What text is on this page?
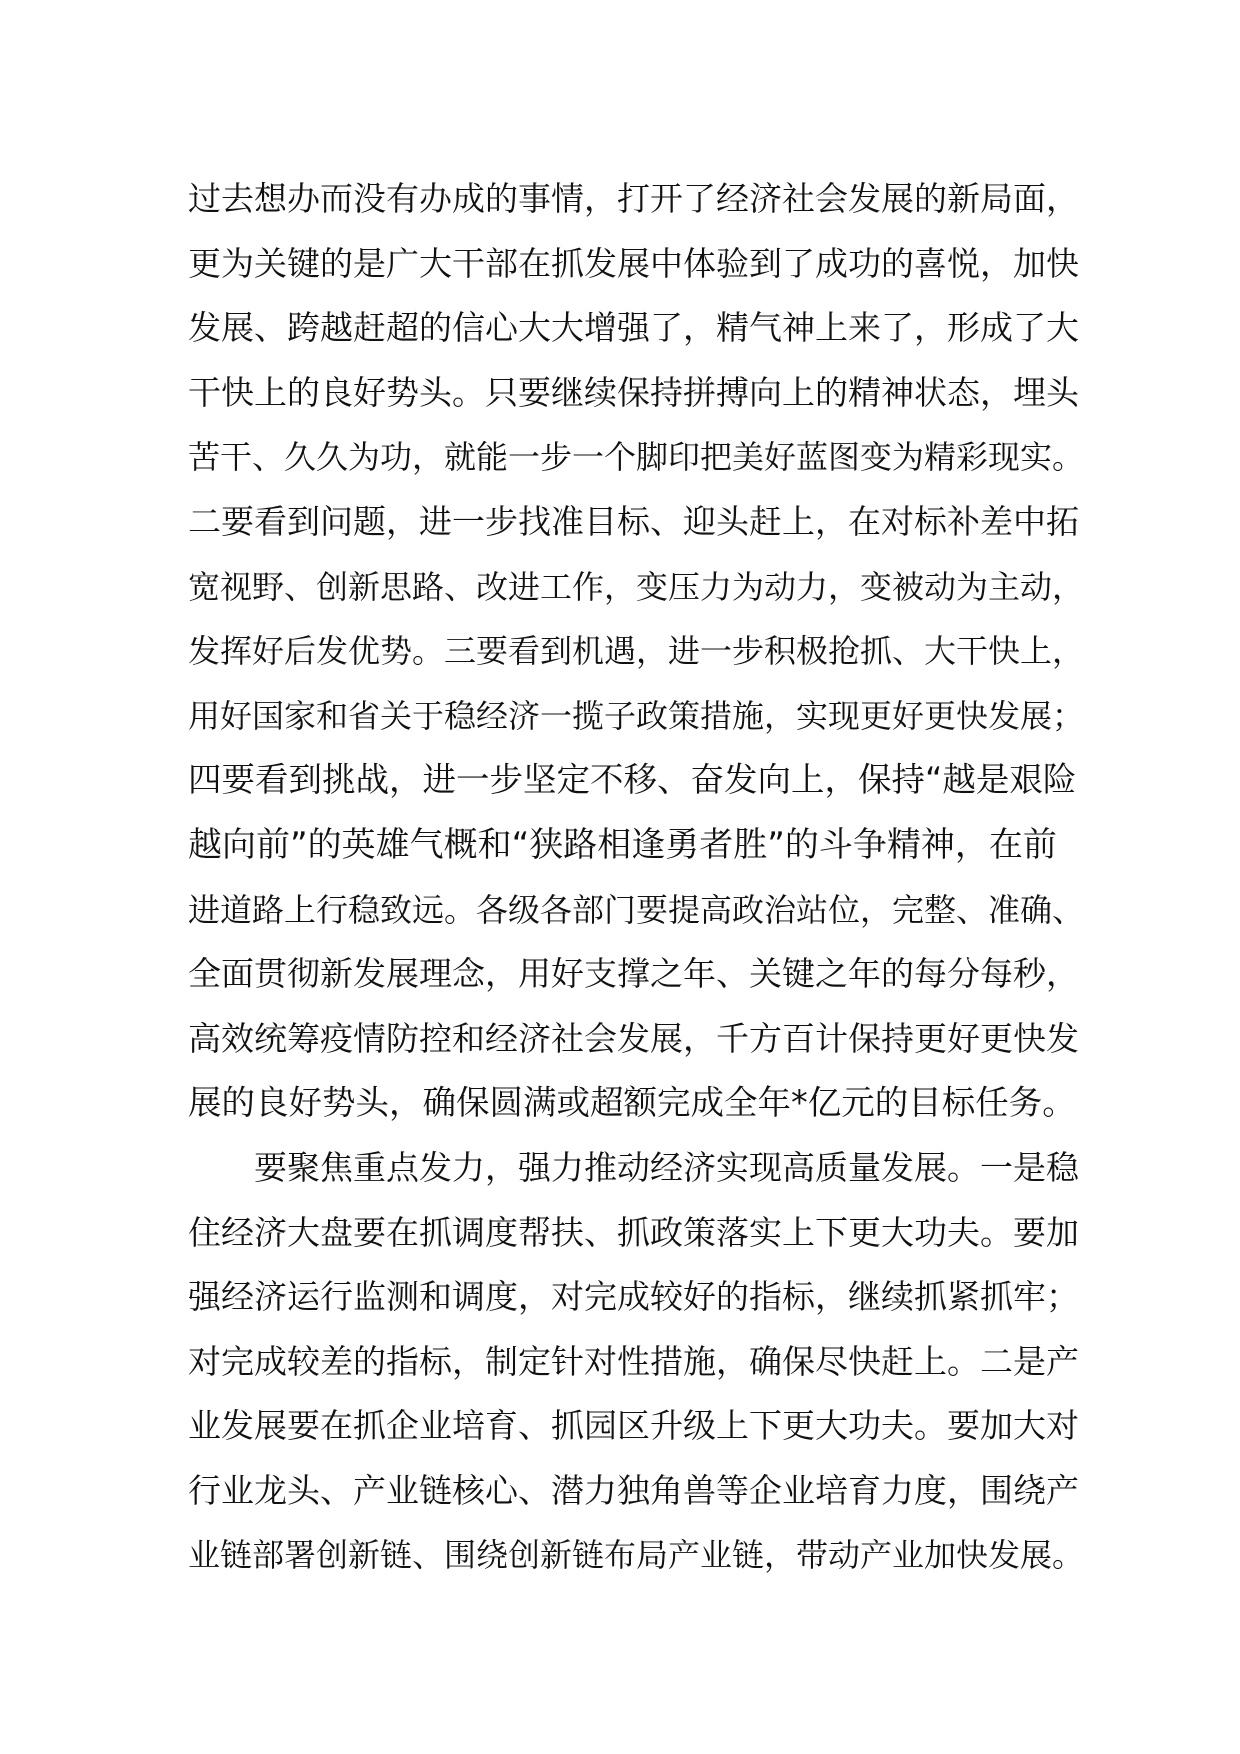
过去想办而没有办成的事情，打开了经济社会发展的新局面，
更为关键的是广大干部在抓发展中体验到了成功的喜悦，加快
发展、跨越赶超的信心大大增强了，精气神上来了，形成了大
干快上的良好势头。只要继续保持拼搏向上的精神状态，埋头
苦干、久久为功，就能一步一个脚印把美好蓝图变为精彩现实。
二要看到问题，进一步找准目标、迎头赶上，在对标补差中拓
宽视野、创新思路、改进工作，变压力为动力，变被动为主动，
发挥好后发优势。三要看到机遇，进一步积极抢抓、大干快上，
用好国家和省关于稳经济一揽子政策措施，实现更好更快发展；
四要看到挑战，进一步坚定不移、奋发向上，保持“越是艰险
越向前”的英雄气概和“狭路相逢勇者胜”的斗争精神，在前
进道路上行稳致远。各级各部门要提高政治站位，完整、准确、
全面贯彻新发展理念，用好支撑之年、关键之年的每分每秒，
高效统筹疫情防控和经济社会发展，千方百计保持更好更快发
展的良好势头，确保圆满或超额完成全年*亿元的目标任务。
　　要聚焦重点发力，强力推动经济实现高质量发展。一是稳
住经济大盘要在抓调度帮扶、抓政策落实上下更大功夫。要加
强经济运行监测和调度，对完成较好的指标，继续抓紧抓牢；
对完成较差的指标，制定针对性措施，确保尽快赶上。二是产
业发展要在抓企业培育、抓园区升级上下更大功夫。要加大对
行业龙头、产业链核心、潜力独角兽等企业培育力度，围绕产
业链部署创新链、围绕创新链布局产业链，带动产业加快发展。
